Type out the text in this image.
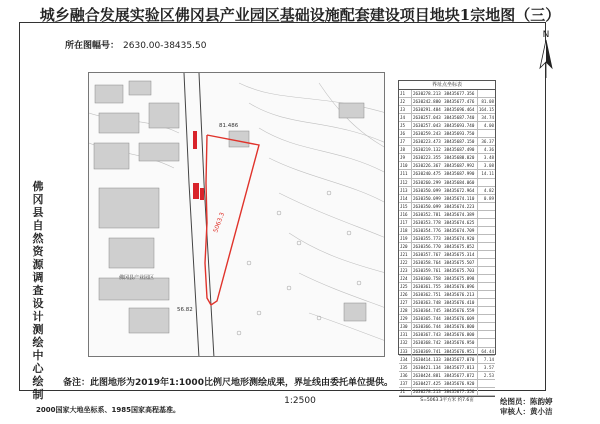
城乡融合发展实验区佛冈县产业园区基础设施配套建设项目地块1宗地图（三）
佛
冈
县
自
然
资
源
调
查
设
计
测
绘
中
心
绘
制
所在图幅号： 2630.00-38435.50
N
5063.3
81.486
56.82
佛冈县产业园区
界址点坐标表
J1	2630278.213	38435677.356	
J2	2630242.880	38435677.476	81.08
J3	2630291.484	38435696.464	164.15
J4	2630257.043	38435687.740	34.74
J5	2630257.043	38435693.740	4.00
J6	2630259.243	38435693.750	
J7	2630223.473	38435687.150	36.37
J8	2630219.132	38435687.490	4.36
J9	2630223.355	38435688.820	3.48
J10	2630226.367	38435687.992	3.08
J11	2630240.475	38435687.990	14.11
J12	2630260.299	38435684.060	
J13	2630350.099	38435672.964	4.82
J14	2630350.099	38435674.110	0.89
J15	2630350.099	38435674.223	
J16	2630352.781	38435674.389	
J17	2630353.778	38435674.625	
J18	2630354.776	38435674.709	
J19	2630355.773	38435674.920	
J20	2630356.770	38435675.052	
J21	2630357.767	38435675.314	
J22	2630358.764	38435675.507	
J23	2630359.761	38435675.703	
J24	2630360.758	38435675.898	
J25	2630361.755	38435676.096	
J26	2630362.751	38435676.213	
J27	2630363.748	38435676.410	
J28	2630364.745	38435676.559	
J29	2630365.744	38435676.609	
J30	2630366.744	38435676.800	
J31	2630367.743	38435676.800	
J32	2630368.742	38435676.950	
J33	2630369.741	38435676.951	64.44
J34	2630414.133	38435677.070	7.14
J35	2630421.134	38435677.813	3.57
J36	2630424.881	38435677.872	2.53
J37	2630427.425	38435676.920	
J1	2630278.213	38435677.356	
S=5063.3平方米 约7.6亩
备注：此图地形为2019年1:1000比例尺地形测绘成果，界址线由委托单位提供。
1:2500
2000国家大地坐标系、1985国家高程基准。
绘图员：陈韵婷
审核人：黄小洁
